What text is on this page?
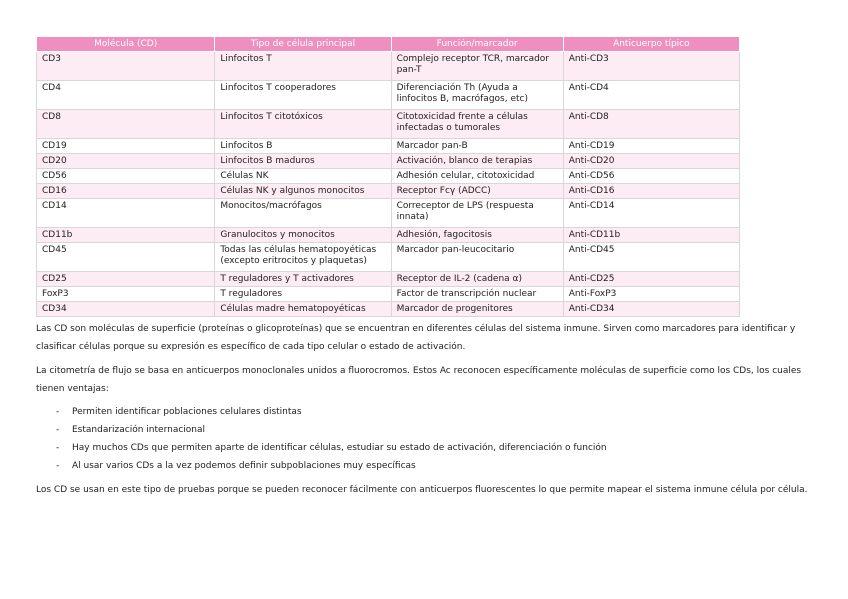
Molécula (CD)	Tipo de célula principal	Función/marcador	Anticuerpo típico
CD3	Linfocitos T	Complejo receptor TCR, marcador pan-T	Anti-CD3
CD4	Linfocitos T cooperadores	Diferenciación Th (Ayuda a linfocitos B, macrófagos, etc)	Anti-CD4
CD8	Linfocitos T citotóxicos	Citotoxicidad frente a células infectadas o tumorales	Anti-CD8
CD19	Linfocitos B	Marcador pan-B	Anti-CD19
CD20	Linfocitos B maduros	Activación, blanco de terapias	Anti-CD20
CD56	Células NK	Adhesión celular, citotoxicidad	Anti-CD56
CD16	Células NK y algunos monocitos	Receptor Fcγ (ADCC)	Anti-CD16
CD14	Monocitos/macrófagos	Correceptor de LPS (respuesta innata)	Anti-CD14
CD11b	Granulocitos y monocitos	Adhesión, fagocitosis	Anti-CD11b
CD45	Todas las células hematopoyéticas (excepto eritrocitos y plaquetas)	Marcador pan-leucocitario	Anti-CD45
CD25	T reguladores y T activadores	Receptor de IL-2 (cadena α)	Anti-CD25
FoxP3	T reguladores	Factor de transcripción nuclear	Anti-FoxP3
CD34	Células madre hematopoyéticas	Marcador de progenitores	Anti-CD34
Las CD son moléculas de superficie (proteínas o glicoproteínas) que se encuentran en diferentes células del sistema inmune. Sirven como marcadores para identificar y clasificar células porque su expresión es específico de cada tipo celular o estado de activación.
La citometría de flujo se basa en anticuerpos monoclonales unidos a fluorocromos. Estos Ac reconocen específicamente moléculas de superficie como los CDs, los cuales tienen ventajas:
- Permiten identificar poblaciones celulares distintas
- Estandarización internacional
- Hay muchos CDs que permiten aparte de identificar células, estudiar su estado de activación, diferenciación o función
- Al usar varios CDs a la vez podemos definir subpoblaciones muy específicas
Los CD se usan en este tipo de pruebas porque se pueden reconocer fácilmente con anticuerpos fluorescentes lo que permite mapear el sistema inmune célula por célula.
